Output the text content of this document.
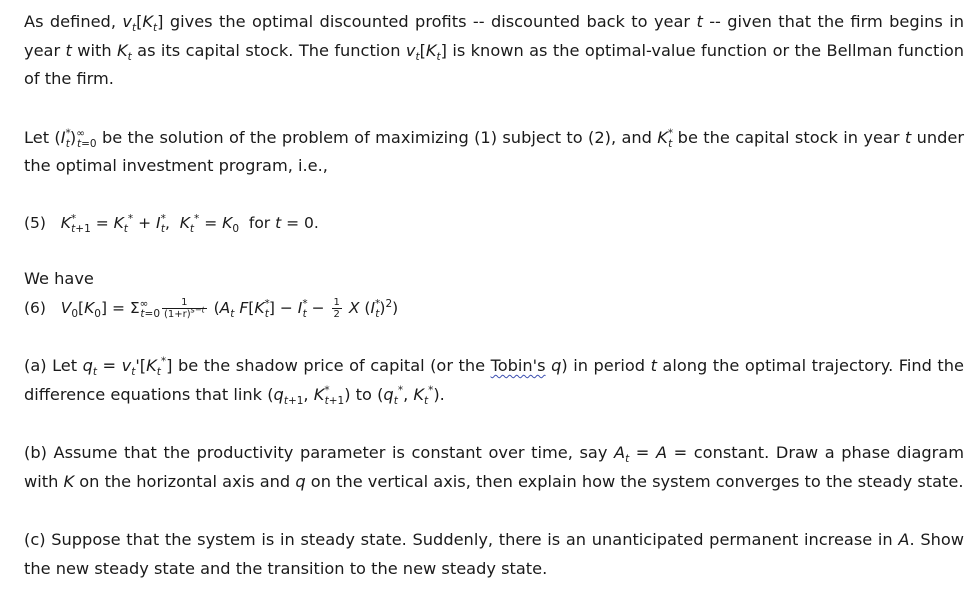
As defined, $v_t[K_t]$ gives the optimal discounted profits -- discounted back to year t -- given that the firm begins in year t with $K_t$ as its capital stock. The function $v_t[K_t]$ is known as the optimal-value function or the Bellman function of the firm.

Let $(I^*_t)^\infty_{t=0}$ be the solution of the problem of maximizing (1) subject to (2), and $K^*_t$ be the capital stock in year t under the optimal investment program, i.e.,

(5) $K^*_{t+1} = K_t^* + I^*_t$,  $K_t^* = K_0$ for t = 0.

We have

(6) $V_0[K_0] = \Sigma^\infty_{t=0} \frac{1}{(1+r)^{s-t}} (A_t$ $F[K^*_t] - I^*_t - \frac{1}{2}$ X $(I^*_t)^2$)

(a) Let $q_t = v_t'[K_t^*]$ be the shadow price of capital (or the Tobin's q) in period t along the optimal trajectory. Find the difference equations that link ($q_{t+1}$, $K^*_{t+1}$) to ($q_t^*$, $K_t^*$).

(b) Assume that the productivity parameter is constant over time, say $A_t = A$ = constant. Draw a phase diagram with K on the horizontal axis and q on the vertical axis, then explain how the system converges to the steady state.

(c) Suppose that the system is in steady state. Suddenly, there is an unanticipated permanent increase in A. Show the new steady state and the transition to the new steady state.
